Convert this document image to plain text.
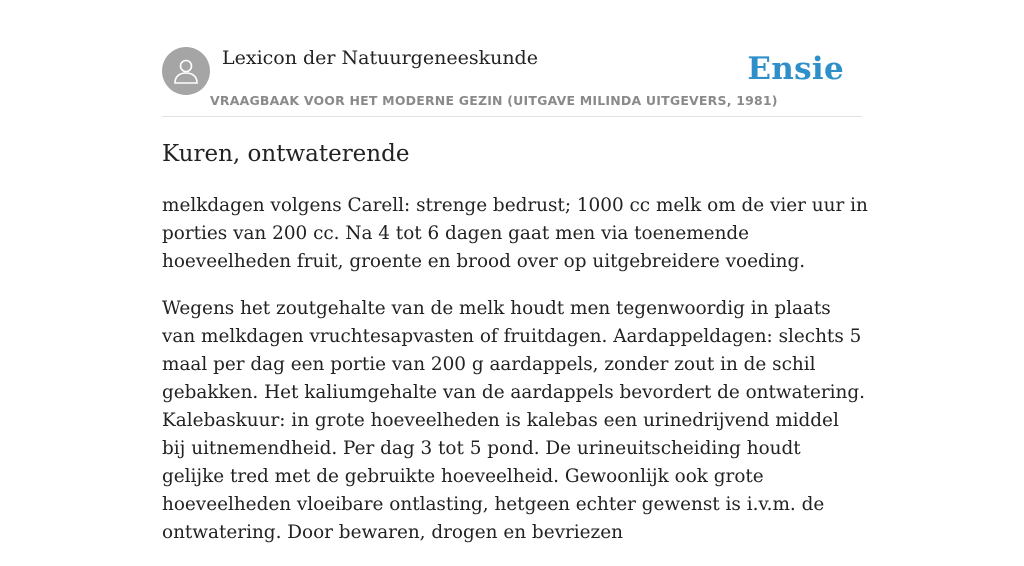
Lexicon der Natuurgeneeskunde
VRAAGBAAK VOOR HET MODERNE GEZIN (UITGAVE MILINDA UITGEVERS, 1981)
Ensie
Kuren, ontwaterende

melkdagen volgens Carell: strenge bedrust; 1000 cc melk om de vier uur in porties van 200 cc. Na 4 tot 6 dagen gaat men via toenemende hoeveelheden fruit, groente en brood over op uitgebreidere voeding.

Wegens het zoutgehalte van de melk houdt men tegenwoordig in plaats van melkdagen vruchtesapvasten of fruitdagen. Aardappeldagen: slechts 5 maal per dag een portie van 200 g aardappels, zonder zout in de schil gebakken. Het kaliumgehalte van de aardappels bevordert de ontwatering. Kalebaskuur: in grote hoeveelheden is kalebas een urinedrijvend middel bij uitnemendheid. Per dag 3 tot 5 pond. De urineuitscheiding houdt gelijke tred met de gebruikte hoeveelheid. Gewoonlijk ook grote hoeveelheden vloeibare ontlasting, hetgeen echter gewenst is i.v.m. de ontwatering. Door bewaren, drogen en bevriezen
